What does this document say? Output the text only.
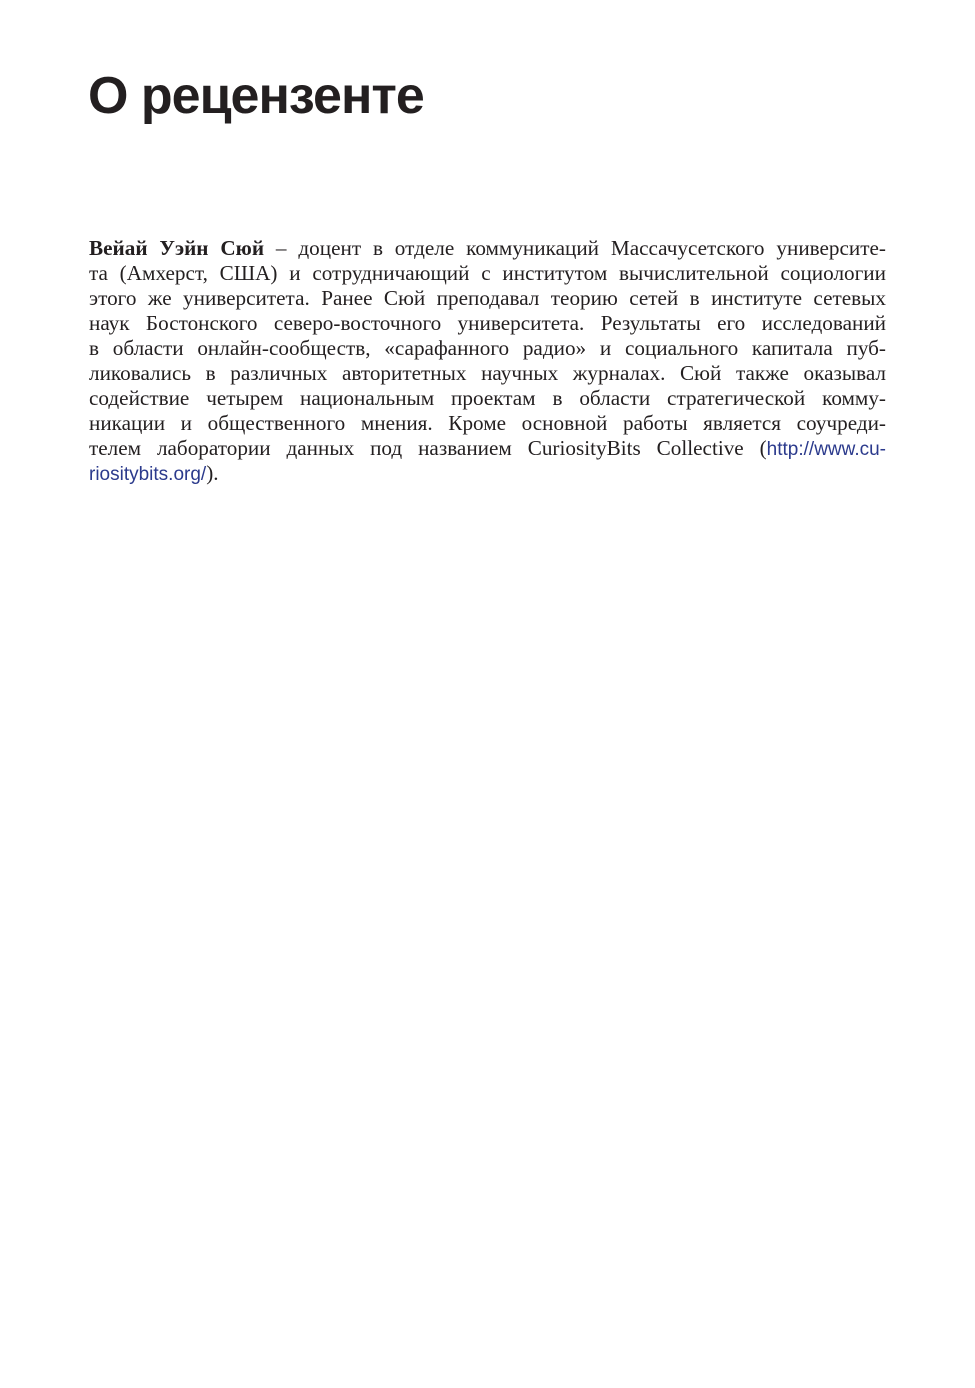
О рецензенте
Вейай Уэйн Сюй – доцент в отделе коммуникаций Массачусетского университе-
та (Амхерст, США) и сотрудничающий с институтом вычислительной социологии
этого же университета. Ранее Сюй преподавал теорию сетей в институте сетевых
наук Бостонского северо-восточного университета. Результаты его исследований
в области онлайн-сообществ, «сарафанного радио» и социального капитала пуб-
ликовались в различных авторитетных научных журналах. Сюй также оказывал
содействие четырем национальным проектам в области стратегической комму-
никации и общественного мнения. Кроме основной работы является соучреди-
телем лаборатории данных под названием CuriosityBits Collective (http://www.cu-
riositybits.org/).
